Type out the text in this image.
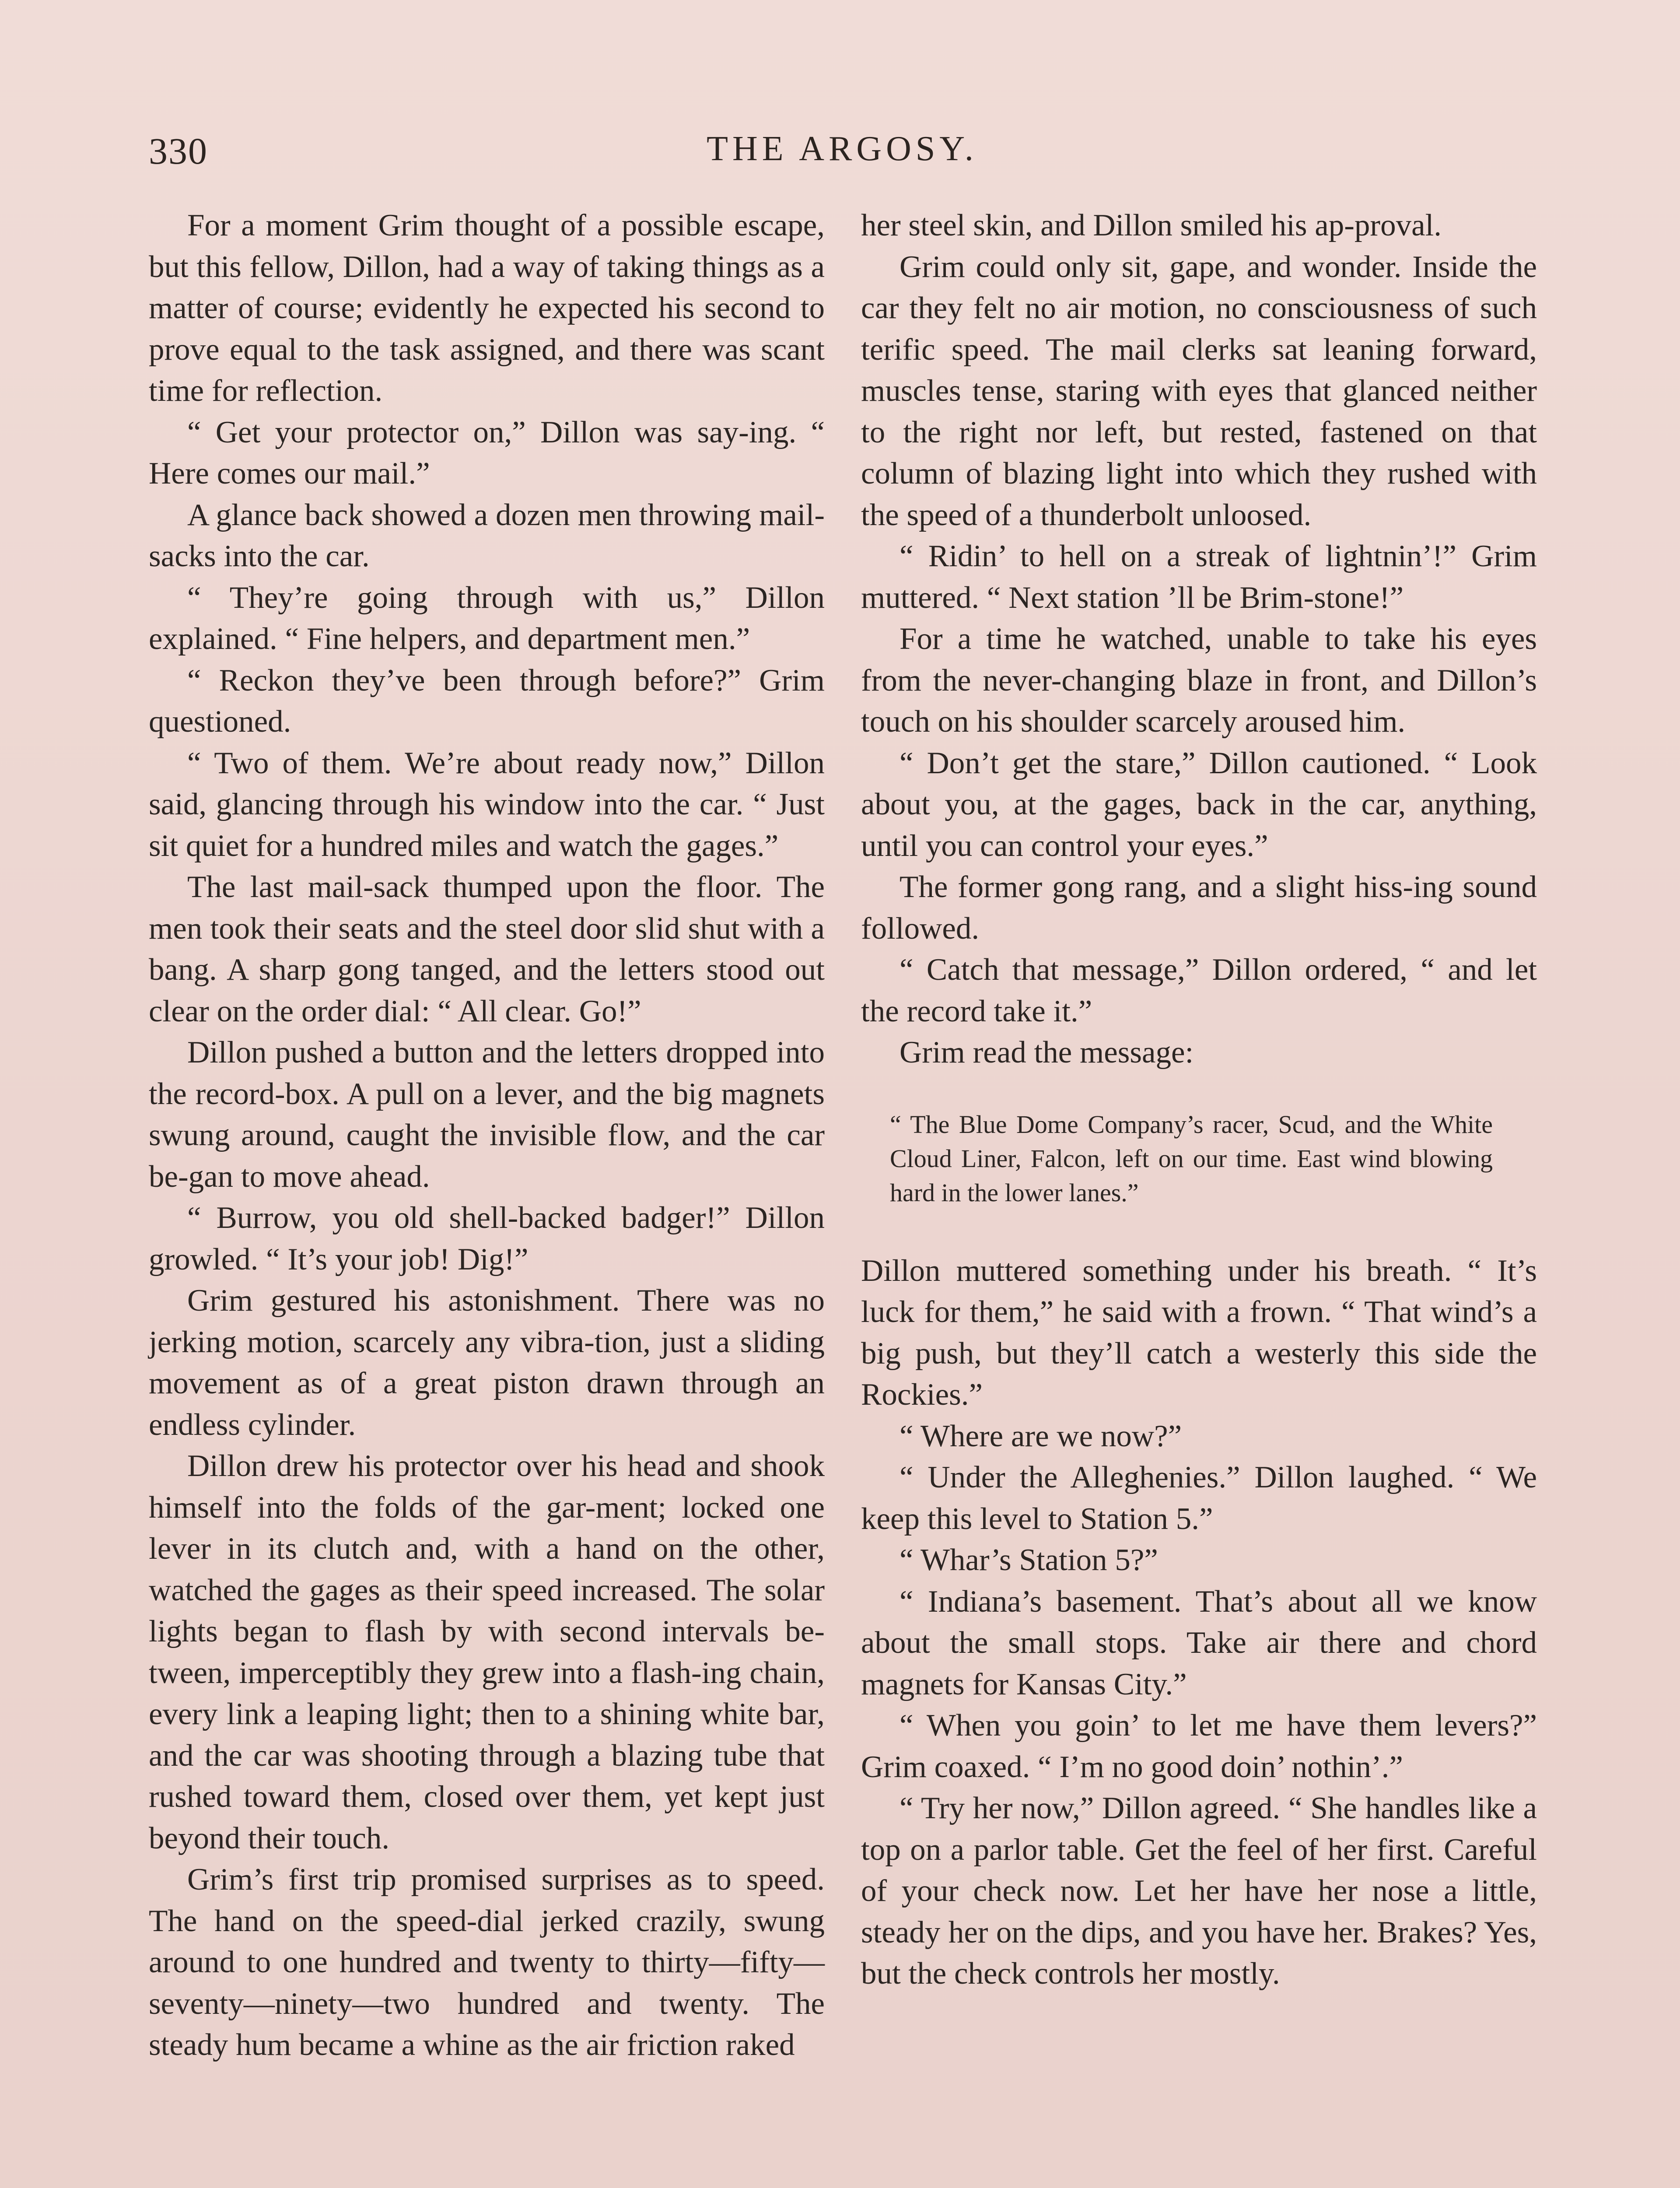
330	THE ARGOSY.

For a moment Grim thought of a possible escape, but this fellow, Dillon, had a way of taking things as a matter of course; evidently he expected his second to prove equal to the task assigned, and there was scant time for reflection.

“ Get your protector on,” Dillon was say-ing. “ Here comes our mail.”

A glance back showed a dozen men throwing mail-sacks into the car.

“ They’re going through with us,” Dillon explained. “ Fine helpers, and department men.”

“ Reckon they’ve been through before?” Grim questioned.

“ Two of them. We’re about ready now,” Dillon said, glancing through his window into the car. “ Just sit quiet for a hundred miles and watch the gages.”

The last mail-sack thumped upon the floor. The men took their seats and the steel door slid shut with a bang. A sharp gong tanged, and the letters stood out clear on the order dial: “ All clear. Go!”

Dillon pushed a button and the letters dropped into the record-box. A pull on a lever, and the big magnets swung around, caught the invisible flow, and the car be-gan to move ahead.

“ Burrow, you old shell-backed badger!” Dillon growled. “ It’s your job! Dig!”

Grim gestured his astonishment. There was no jerking motion, scarcely any vibra-tion, just a sliding movement as of a great piston drawn through an endless cylinder.

Dillon drew his protector over his head and shook himself into the folds of the gar-ment; locked one lever in its clutch and, with a hand on the other, watched the gages as their speed increased. The solar lights began to flash by with second intervals be-tween, imperceptibly they grew into a flash-ing chain, every link a leaping light; then to a shining white bar, and the car was shooting through a blazing tube that rushed toward them, closed over them, yet kept just beyond their touch.

Grim’s first trip promised surprises as to speed. The hand on the speed-dial jerked crazily, swung around to one hundred and twenty to thirty—fifty—seventy—ninety—two hundred and twenty. The steady hum became a whine as the air friction raked

her steel skin, and Dillon smiled his ap-proval.

Grim could only sit, gape, and wonder. Inside the car they felt no air motion, no consciousness of such terific speed. The mail clerks sat leaning forward, muscles tense, staring with eyes that glanced neither to the right nor left, but rested, fastened on that column of blazing light into which they rushed with the speed of a thunderbolt unloosed.

“ Ridin’ to hell on a streak of lightnin’!” Grim muttered. “ Next station ’ll be Brim-stone!”

For a time he watched, unable to take his eyes from the never-changing blaze in front, and Dillon’s touch on his shoulder scarcely aroused him.

“ Don’t get the stare,” Dillon cautioned. “ Look about you, at the gages, back in the car, anything, until you can control your eyes.”

The former gong rang, and a slight hiss-ing sound followed.

“ Catch that message,” Dillon ordered, “ and let the record take it.”

Grim read the message:

“ The Blue Dome Company’s racer, Scud, and the White Cloud Liner, Falcon, left on our time. East wind blowing hard in the lower lanes.”

Dillon muttered something under his breath. “ It’s luck for them,” he said with a frown. “ That wind’s a big push, but they’ll catch a westerly this side the Rockies.”

“ Where are we now?”

“ Under the Alleghenies.” Dillon laughed. “ We keep this level to Station 5.”

“ Whar’s Station 5?”

“ Indiana’s basement. That’s about all we know about the small stops. Take air there and chord magnets for Kansas City.”

“ When you goin’ to let me have them levers?” Grim coaxed. “ I’m no good doin’ nothin’.”

“ Try her now,” Dillon agreed. “ She handles like a top on a parlor table. Get the feel of her first. Careful of your check now. Let her have her nose a little, steady her on the dips, and you have her. Brakes? Yes, but the check controls her mostly.
